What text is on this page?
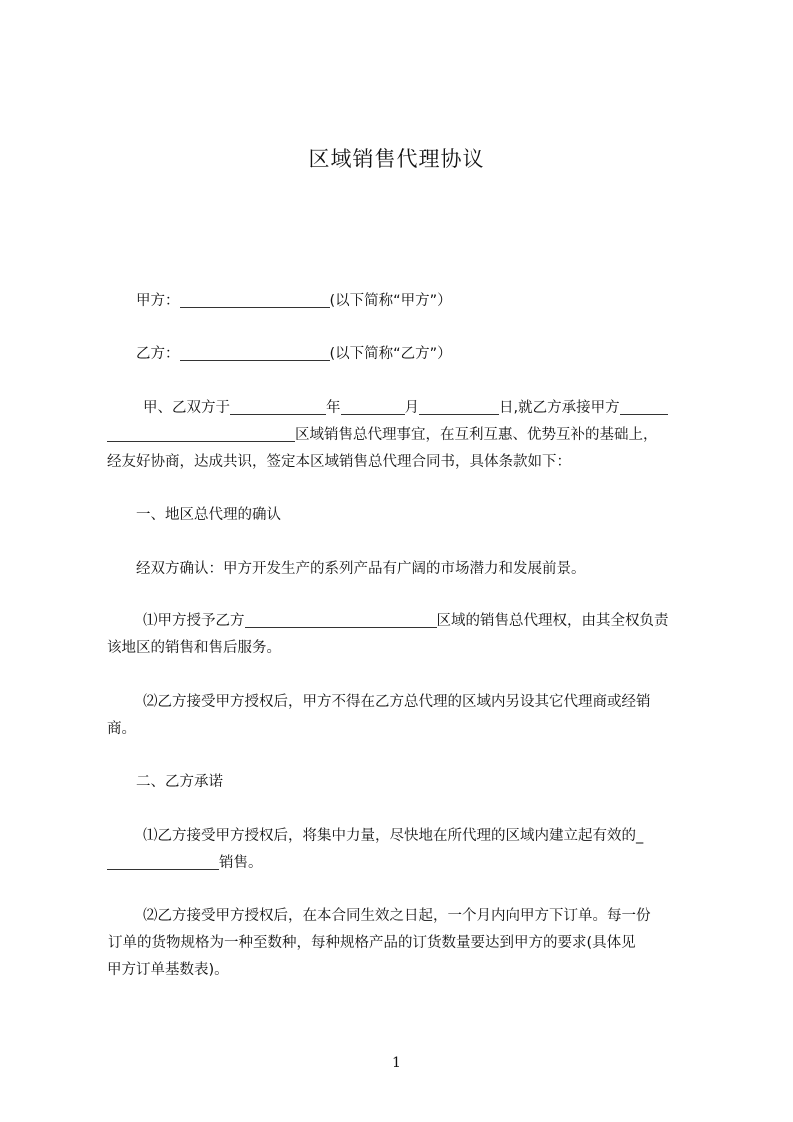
区域销售代理协议
甲方：	(以下简称“甲方”）
乙方：	(以下简称“乙方”）
甲、乙双方于	年	月	日,就乙方承接甲方
区域销售总代理事宜，在互利互惠、优势互补的基础上，
经友好协商，达成共识，签定本区域销售总代理合同书，具体条款如下：
一、地区总代理的确认
经双方确认：甲方开发生产的系列产品有广阔的市场潜力和发展前景。
⑴甲方授予乙方	区域的销售总代理权，由其全权负责
该地区的销售和售后服务。
⑵乙方接受甲方授权后，甲方不得在乙方总代理的区域内另设其它代理商或经销
商。
二、乙方承诺
⑴乙方接受甲方授权后，将集中力量，尽快地在所代理的区域内建立起有效的_
销售。
⑵乙方接受甲方授权后，在本合同生效之日起，一个月内向甲方下订单。每一份
订单的货物规格为一种至数种，每种规格产品的订货数量要达到甲方的要求(具体见
甲方订单基数表)。
1
